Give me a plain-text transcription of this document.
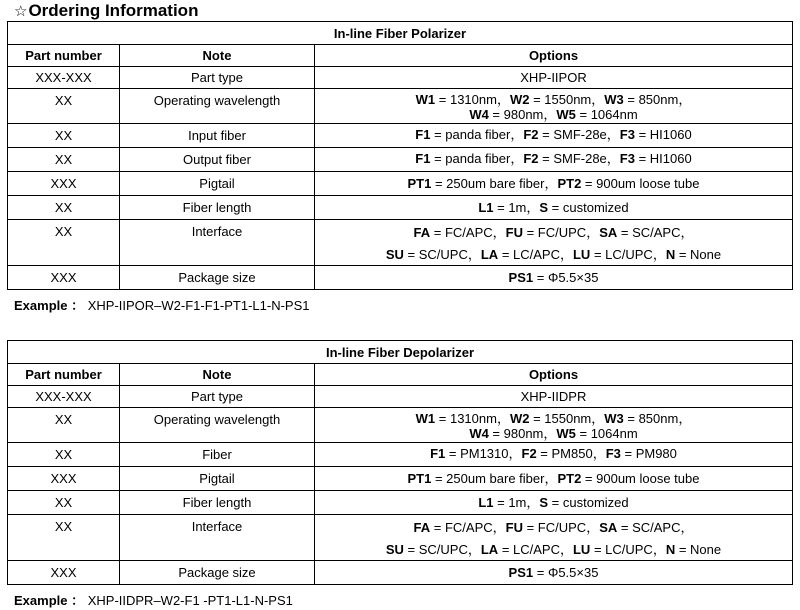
☆Ordering Information
In-line Fiber Polarizer		
Part number	Note	Options
XXX-XXX	Part type	XHP-IIPOR
XX	Operating wavelength	W1 = 1310nm，W2 = 1550nm，W3 = 850nm，
W4 = 980nm，W5 = 1064nm
XX	Input fiber	F1 = panda fiber，F2 = SMF-28e，F3 = HI1060
XX	Output fiber	F1 = panda fiber，F2 = SMF-28e，F3 = HI1060
XXX	Pigtail	PT1 = 250um bare fiber，PT2 = 900um loose tube
XX	Fiber length	L1 = 1m，S = customized
XX	Interface	FA = FC/APC，FU = FC/UPC，SA = SC/APC，
SU = SC/UPC，LA = LC/APC，LU = LC/UPC，N = None

XXX	Package size	PS1 = Φ5.5×35
Example ： XHP-IIPOR–W2-F1-F1-PT1-L1-N-PS1
In-line Fiber Depolarizer		
Part number	Note	Options
XXX-XXX	Part type	XHP-IIDPR
XX	Operating wavelength	W1 = 1310nm，W2 = 1550nm，W3 = 850nm，
W4 = 980nm，W5 = 1064nm
XX	Fiber	F1 = PM1310，F2 = PM850，F3 = PM980
XXX	Pigtail	PT1 = 250um bare fiber，PT2 = 900um loose tube
XX	Fiber length	L1 = 1m，S = customized
XX	Interface	FA = FC/APC，FU = FC/UPC，SA = SC/APC，
SU = SC/UPC，LA = LC/APC，LU = LC/UPC，N = None

XXX	Package size	PS1 = Φ5.5×35
Example ： XHP-IIDPR–W2-F1 -PT1-L1-N-PS1
